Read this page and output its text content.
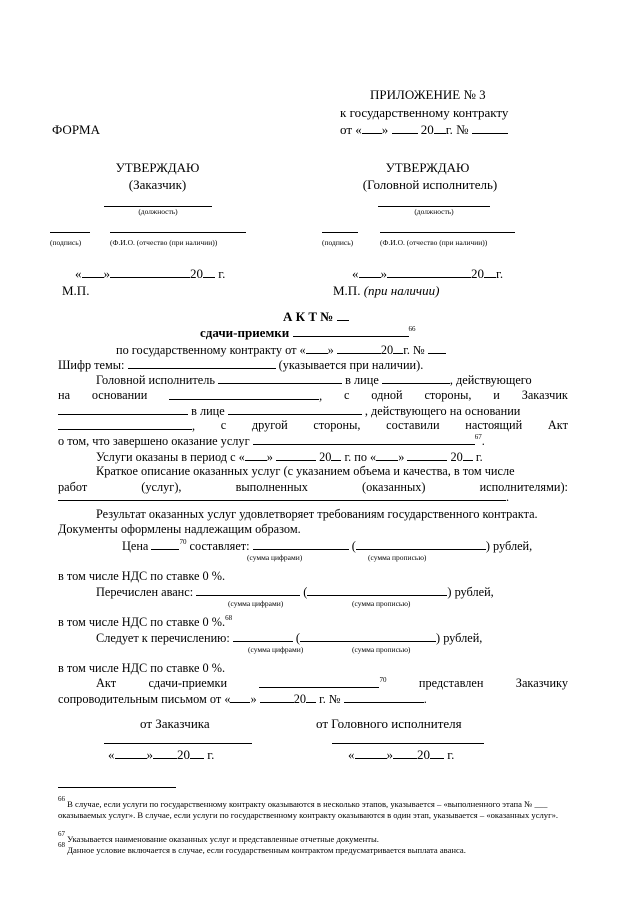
ПРИЛОЖЕНИЕ № 3
к государственному контракту
от « »	20 г. №
ФОРМА
УТВЕРЖДАЮ
(Заказчик)
(должность)
(подпись)	(Ф.И.О. (отчество (при наличии))
« »	20 г.
М.П.
УТВЕРЖДАЮ
(Головной исполнитель)
(должность)
(подпись)	(Ф.И.О. (отчество (при наличии))
« »	20 г.
М.П. (при наличии)
А К Т №
сдачи-приемки	$^{66}$
по государственному контракту от « »	20 г. №
Шифр темы:	(указывается при наличии).
Головной исполнитель	в лице	, действующего
на основании	, с одной стороны, и Заказчик
в лице	, действующего на основании
, с другой стороны, составили настоящий Акт
о том, что завершено оказание услуг	$^{67}$.
Услуги оказаны в период с « »	20 г. по « »	20 г.
Краткое описание оказанных услуг (с указанием объема и качества, в том числе
работ	(услуг),	выполненных	(оказанных)	исполнителями):
.
Результат оказанных услуг удовлетворяет требованиям государственного контракта.
Документы оформлены надлежащим образом.
Цена	$^{70}$ составляет:	(	) рублей,
(сумма цифрами)	(сумма прописью)
в том числе НДС по ставке 0 %.
Перечислен аванс:	(	) рублей,
(сумма цифрами)	(сумма прописью)
в том числе НДС по ставке 0 %.$^{68}$
Следует к перечислению:	(	) рублей,
(сумма цифрами)	(сумма прописью)
в том числе НДС по ставке 0 %.
Акт	сдачи-приемки	$^{70}$	представлен	Заказчику
сопроводительным письмом от « »	20 г. №	.
от Заказчика	от Головного исполнителя
« » 20 г.	« » 20 г.
$^{66}$ В случае, если услуги по государственному контракту оказываются в несколько этапов, указывается – «выполненного этапа № ___ оказываемых услуг». В случае, если услуги по государственному контракту оказываются в один этап, указывается – «оказанных услуг».
$^{67}$ Указывается наименование оказанных услуг и представленные отчетные документы.
$^{68}$ Данное условие включается в случае, если государственным контрактом предусматривается выплата аванса.
